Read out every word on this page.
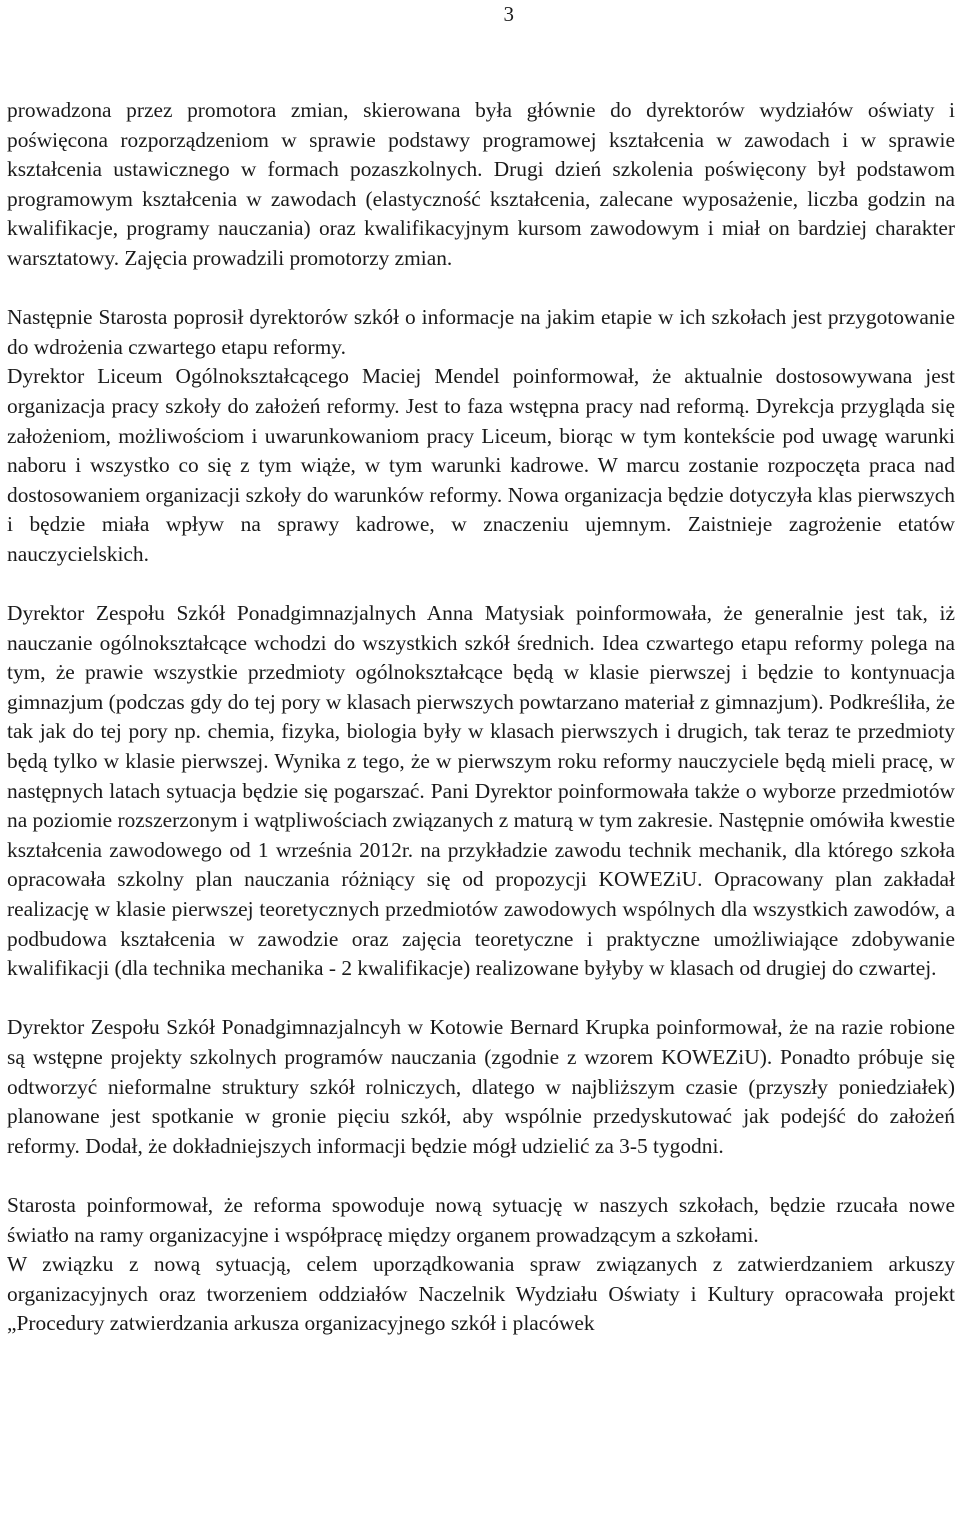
3

prowadzona przez promotora zmian, skierowana była głównie do dyrektorów wydziałów oświaty i poświęcona rozporządzeniom w sprawie podstawy programowej kształcenia w zawodach i w sprawie kształcenia ustawicznego w formach pozaszkolnych. Drugi dzień szkolenia poświęcony był podstawom programowym kształcenia w zawodach (elastyczność kształcenia, zalecane wyposażenie, liczba godzin na kwalifikacje, programy nauczania) oraz kwalifikacyjnym kursom zawodowym i miał on bardziej charakter warsztatowy. Zajęcia prowadzili promotorzy zmian.

Następnie Starosta poprosił dyrektorów szkół o informacje na jakim etapie w ich szkołach jest przygotowanie do wdrożenia czwartego etapu reformy.

Dyrektor Liceum Ogólnokształcącego Maciej Mendel poinformował, że aktualnie dostosowywana jest organizacja pracy szkoły do założeń reformy. Jest to faza wstępna pracy nad reformą. Dyrekcja przygląda się założeniom, możliwościom i uwarunkowaniom pracy Liceum, biorąc w tym kontekście pod uwagę warunki naboru i wszystko co się z tym wiąże, w tym warunki kadrowe. W marcu zostanie rozpoczęta praca nad dostosowaniem organizacji szkoły do warunków reformy. Nowa organizacja będzie dotyczyła klas pierwszych i będzie miała wpływ na sprawy kadrowe, w znaczeniu ujemnym. Zaistnieje zagrożenie etatów nauczycielskich.

Dyrektor Zespołu Szkół Ponadgimnazjalnych Anna Matysiak poinformowała, że generalnie jest tak, iż nauczanie ogólnokształcące wchodzi do wszystkich szkół średnich. Idea czwartego etapu reformy polega na tym, że prawie wszystkie przedmioty ogólnokształcące będą w klasie pierwszej i będzie to kontynuacja gimnazjum (podczas gdy do tej pory w klasach pierwszych powtarzano materiał z gimnazjum). Podkreśliła, że tak jak do tej pory np. chemia, fizyka, biologia były w klasach pierwszych i drugich, tak teraz te przedmioty będą tylko w klasie pierwszej. Wynika z tego, że w pierwszym roku reformy nauczyciele będą mieli pracę, w następnych latach sytuacja będzie się pogarszać. Pani Dyrektor poinformowała także o wyborze przedmiotów na poziomie rozszerzonym i wątpliwościach związanych z maturą w tym zakresie. Następnie omówiła kwestie kształcenia zawodowego od 1 września 2012r. na przykładzie zawodu technik mechanik, dla którego szkoła opracowała szkolny plan nauczania różniący się od propozycji KOWEZiU. Opracowany plan zakładał realizację w klasie pierwszej teoretycznych przedmiotów zawodowych wspólnych dla wszystkich zawodów, a podbudowa kształcenia w zawodzie oraz zajęcia teoretyczne i praktyczne umożliwiające zdobywanie kwalifikacji (dla technika mechanika - 2 kwalifikacje) realizowane byłyby w klasach od drugiej do czwartej.

Dyrektor Zespołu Szkół Ponadgimnazjalncyh w Kotowie Bernard Krupka poinformował, że na razie robione są wstępne projekty szkolnych programów nauczania (zgodnie z wzorem KOWEZiU). Ponadto próbuje się odtworzyć nieformalne struktury szkół rolniczych, dlatego w najbliższym czasie (przyszły poniedziałek) planowane jest spotkanie w gronie pięciu szkół, aby wspólnie przedyskutować jak podejść do założeń reformy. Dodał, że dokładniejszych informacji będzie mógł udzielić za 3-5 tygodni.

Starosta poinformował, że reforma spowoduje nową sytuację w naszych szkołach, będzie rzucała nowe światło na ramy organizacyjne i współpracę między organem prowadzącym a szkołami.

W związku z nową sytuacją, celem uporządkowania spraw związanych z zatwierdzaniem arkuszy organizacyjnych oraz tworzeniem oddziałów Naczelnik Wydziału Oświaty i Kultury opracowała projekt „Procedury zatwierdzania arkusza organizacyjnego szkół i placówek
